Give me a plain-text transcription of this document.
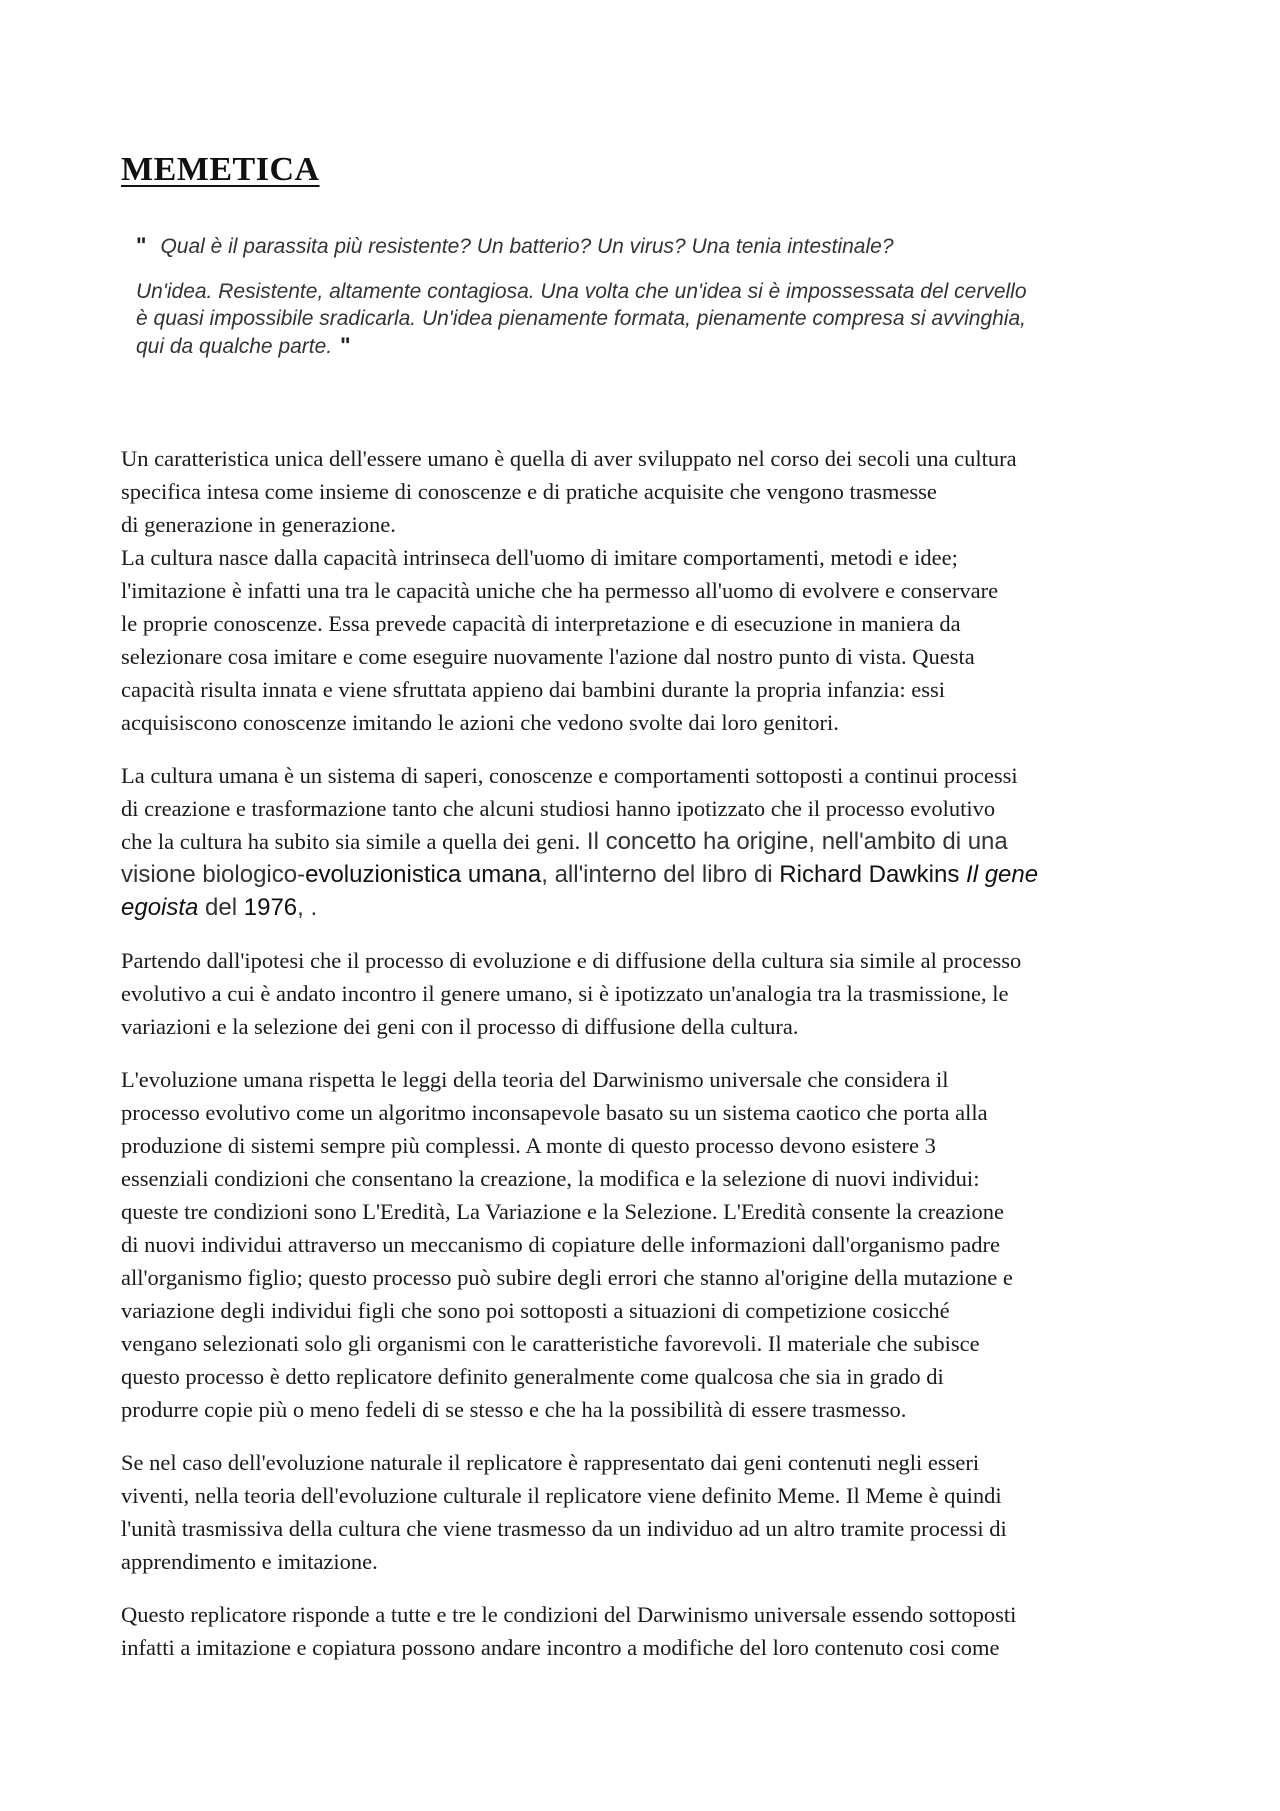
MEMETICA

" Qual è il parassita più resistente? Un batterio? Un virus? Una tenia intestinale?

Un'idea. Resistente, altamente contagiosa. Una volta che un'idea si è impossessata del cervello

è quasi impossibile sradicarla. Un'idea pienamente formata, pienamente compresa si avvinghia,

qui da qualche parte. "

Un caratteristica unica dell'essere umano è quella di aver sviluppato nel corso dei secoli una cultura
specifica intesa come insieme di conoscenze e di pratiche acquisite che vengono trasmesse
di generazione in generazione.
La cultura nasce dalla capacità intrinseca dell'uomo di imitare comportamenti, metodi e idee;
l'imitazione è infatti una tra le capacità uniche che ha permesso all'uomo di evolvere e conservare
le proprie conoscenze. Essa prevede capacità di interpretazione e di esecuzione in maniera da
selezionare cosa imitare e come eseguire nuovamente l'azione dal nostro punto di vista. Questa
capacità risulta innata e viene sfruttata appieno dai bambini durante la propria infanzia: essi
acquisiscono conoscenze imitando le azioni che vedono svolte dai loro genitori.
La cultura umana è un sistema di saperi, conoscenze e comportamenti sottoposti a continui processi
di creazione e trasformazione tanto che alcuni studiosi hanno ipotizzato che il processo evolutivo
che la cultura ha subito sia simile a quella dei geni. Il concetto ha origine, nell'ambito di una
visione biologico-evoluzionistica umana, all'interno del libro di Richard Dawkins Il gene
egoista del 1976, .
Partendo dall'ipotesi che il processo di evoluzione e di diffusione della cultura sia simile al processo
evolutivo a cui è andato incontro il genere umano, si è ipotizzato un'analogia tra la trasmissione, le
variazioni e la selezione dei geni con il processo di diffusione della cultura.
L'evoluzione umana rispetta le leggi della teoria del Darwinismo universale che considera il
processo evolutivo come un algoritmo inconsapevole basato su un sistema caotico che porta alla
produzione di sistemi sempre più complessi. A monte di questo processo devono esistere 3
essenziali condizioni che consentano la creazione, la modifica e la selezione di nuovi individui:
queste tre condizioni sono L'Eredità, La Variazione e la Selezione. L'Eredità consente la creazione
di nuovi individui attraverso un meccanismo di copiature delle informazioni dall'organismo padre
all'organismo figlio; questo processo può subire degli errori che stanno al'origine della mutazione e
variazione degli individui figli che sono poi sottoposti a situazioni di competizione cosicché
vengano selezionati solo gli organismi con le caratteristiche favorevoli. Il materiale che subisce
questo processo è detto replicatore definito generalmente come qualcosa che sia in grado di
produrre copie più o meno fedeli di se stesso e che ha la possibilità di essere trasmesso.
Se nel caso dell'evoluzione naturale il replicatore è rappresentato dai geni contenuti negli esseri
viventi, nella teoria dell'evoluzione culturale il replicatore viene definito Meme. Il Meme è quindi
l'unità trasmissiva della cultura che viene trasmesso da un individuo ad un altro tramite processi di
apprendimento e imitazione.
Questo replicatore risponde a tutte e tre le condizioni del Darwinismo universale essendo sottoposti
infatti a imitazione e copiatura possono andare incontro a modifiche del loro contenuto cosi come
